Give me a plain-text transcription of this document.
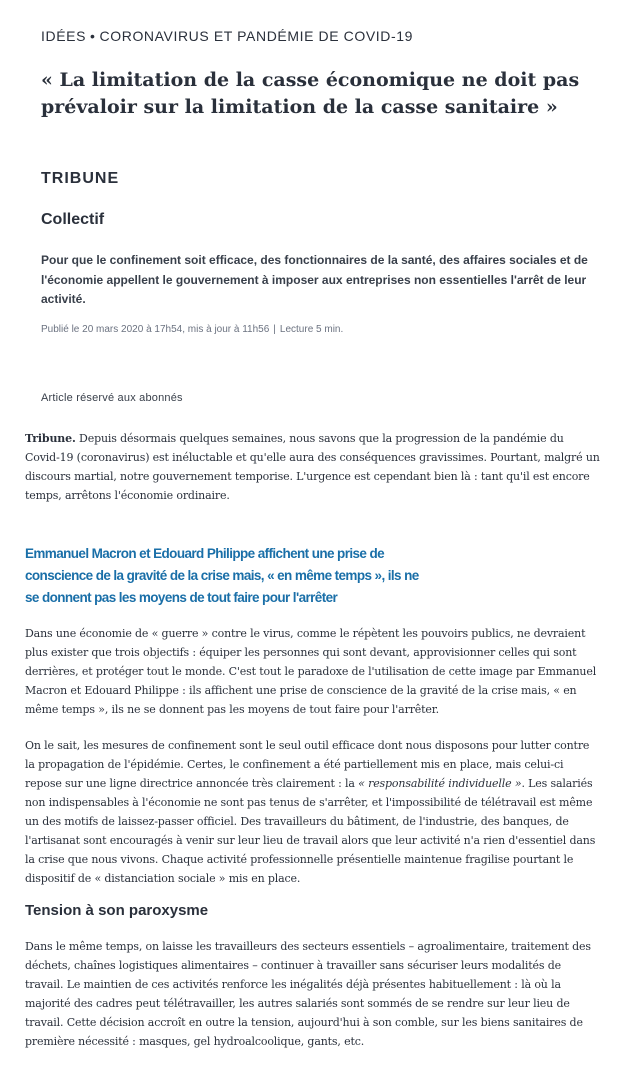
IDÉES • CORONAVIRUS ET PANDÉMIE DE COVID-19
« La limitation de la casse économique ne doit pas prévaloir sur la limitation de la casse sanitaire »
TRIBUNE
Collectif

Pour que le confinement soit efficace, des fonctionnaires de la santé, des affaires sociales et de l'économie appellent le gouvernement à imposer aux entreprises non essentielles l'arrêt de leur activité.

Publié le 20 mars 2020 à 17h54, mis à jour à 11h56 | Lecture 5 min.
Article réservé aux abonnés

Tribune. Depuis désormais quelques semaines, nous savons que la progression de la pandémie du Covid-19 (coronavirus) est inéluctable et qu'elle aura des conséquences gravissimes. Pourtant, malgré un discours martial, notre gouvernement temporise. L'urgence est cependant bien là : tant qu'il est encore temps, arrêtons l'économie ordinaire.

Emmanuel Macron et Edouard Philippe affichent une prise de conscience de la gravité de la crise mais, « en même temps », ils ne se donnent pas les moyens de tout faire pour l'arrêter

Dans une économie de « guerre » contre le virus, comme le répètent les pouvoirs publics, ne devraient plus exister que trois objectifs : équiper les personnes qui sont devant, approvisionner celles qui sont derrières, et protéger tout le monde. C'est tout le paradoxe de l'utilisation de cette image par Emmanuel Macron et Edouard Philippe : ils affichent une prise de conscience de la gravité de la crise mais, « en même temps », ils ne se donnent pas les moyens de tout faire pour l'arrêter.

On le sait, les mesures de confinement sont le seul outil efficace dont nous disposons pour lutter contre la propagation de l'épidémie. Certes, le confinement a été partiellement mis en place, mais celui-ci repose sur une ligne directrice annoncée très clairement : la « responsabilité individuelle ». Les salariés non indispensables à l'économie ne sont pas tenus de s'arrêter, et l'impossibilité de télétravail est même un des motifs de laissez-passer officiel. Des travailleurs du bâtiment, de l'industrie, des banques, de l'artisanat sont encouragés à venir sur leur lieu de travail alors que leur activité n'a rien d'essentiel dans la crise que nous vivons. Chaque activité professionnelle présentielle maintenue fragilise pourtant le dispositif de « distanciation sociale » mis en place.

Tension à son paroxysme

Dans le même temps, on laisse les travailleurs des secteurs essentiels – agroalimentaire, traitement des déchets, chaînes logistiques alimentaires – continuer à travailler sans sécuriser leurs modalités de travail. Le maintien de ces activités renforce les inégalités déjà présentes habituellement : là où la majorité des cadres peut télétravailler, les autres salariés sont sommés de se rendre sur leur lieu de travail. Cette décision accroît en outre la tension, aujourd'hui à son comble, sur les biens sanitaires de première nécessité : masques, gel hydroalcoolique, gants, etc.
